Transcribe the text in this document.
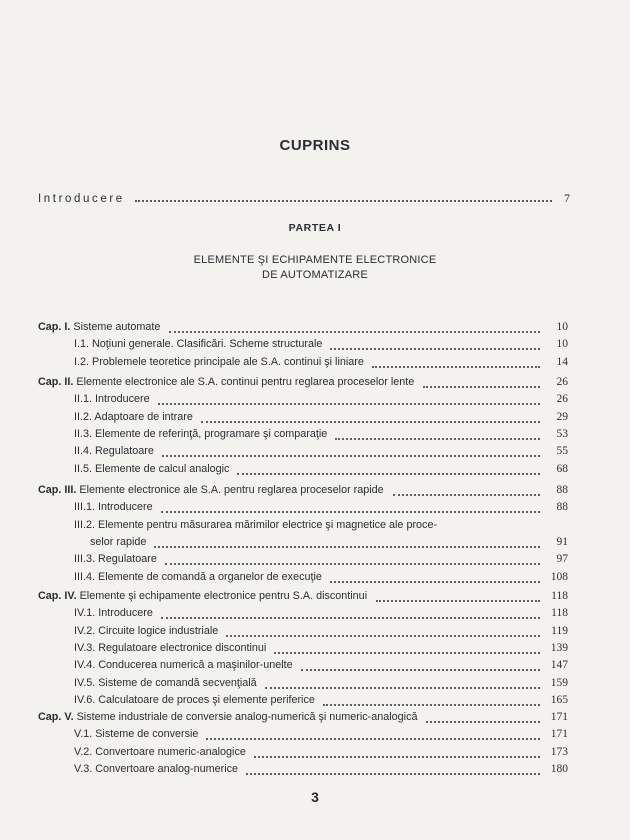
CUPRINS
Introducere	7
PARTEA I
ELEMENTE ŞI ECHIPAMENTE ELECTRONICE
DE AUTOMATIZARE
Cap. I. Sisteme automate	10
I.1. Noţiuni generale. Clasificări. Scheme structurale	10
I.2. Problemele teoretice principale ale S.A. continui şi liniare	14
Cap. II. Elemente electronice ale S.A. continui pentru reglarea proceselor lente	26
II.1. Introducere	26
II.2. Adaptoare de intrare	29
II.3. Elemente de referinţă, programare şi comparaţie	53
II.4. Regulatoare	55
II.5. Elemente de calcul analogic	68
Cap. III. Elemente electronice ale S.A. pentru reglarea proceselor rapide	88
III.1. Introducere	88
III.2. Elemente pentru măsurarea mărimilor electrice şi magnetice ale proce-
selor rapide	91
III.3. Regulatoare	97
III.4. Elemente de comandă a organelor de execuţie	108
Cap. IV. Elemente şi echipamente electronice pentru S.A. discontinui	118
IV.1. Introducere	118
IV.2. Circuite logice industriale	119
IV.3. Regulatoare electronice discontinui	139
IV.4. Conducerea numerică a maşinilor-unelte	147
IV.5. Sisteme de comandă secvenţială	159
IV.6. Calculatoare de proces şi elemente periferice	165
Cap. V. Sisteme industriale de conversie analog-numerică şi numeric-analogică	171
V.1. Sisteme de conversie	171
V.2. Convertoare numeric-analogice	173
V.3. Convertoare analog-numerice	180
3
